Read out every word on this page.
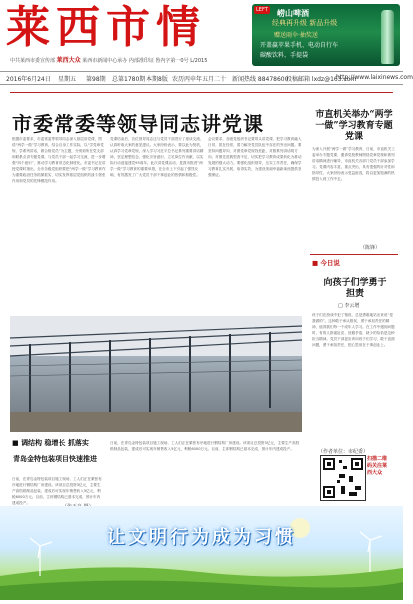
莱西市情
中共莱西市委宣传部 莱西大众 莱西市新闻中心承办 内部准印证 鲁内字第一0号 L/2015
LEFT 崂山啤酒
经典再升级 新品升级
赠送雨伞·抽奖送
开盖赢苹果手机、电动自行车
碳酸饮料、手提袋
2016年6月24日 星期五 第98期 总第1780期 本期8版 农历丙申年五月二十 新闻热线 88478600
投稿邮箱 lxdz@163.com
http://www.laixinews.com
市委常委等领导同志讲党课
根据市委要求，市委常委等领导同志深入基层讲党课，围绕“两学一做”学习教育，结合自身工作实际，以“学党章党规、学系列讲话，做合格党员”为主题，分别到所在党支部和联系点讲专题党课，与党员干部一起学习交流，进一步增强“四个意识”，推动学习教育常态化制度化。市委书记在讲授党课时指出，全市各级党组织要把“两学一做”学习教育作为重要政治任务抓紧抓实，切实发挥基层党组织的战斗堡垒作用和党员的先锋模范作用。
党课结束后，各位领导同志还与党员干部进行了座谈交流，认真听取大家的意见建议。大家纷纷表示，要以此为契机，认真学习党章党规，深入学习习近平总书记系列重要讲话精神，坚定理想信念，强化宗旨意识，立足岗位作贡献，以实际行动迎接建党95周年。此次讲党课活动，是我市推进“两学一做”学习教育的重要举措，在全市上下引起了强烈反响，有效激发了广大党员干部干事创业的热情和积极性。
会议要求，各级党组织书记要带头讲党课，把学习教育融入日常、抓在经常，着力解决党员队伍中存在的突出问题。要坚持问题导向，对照党章党规找差距，对照系列讲话明方向，对照先进典型查不足，切实把学习教育成果转化为推动发展的强大动力。要强化组织领导，压实工作责任，确保学习教育扎实开展、取得实效，为建设美丽幸福新莱西提供坚强保证。
市直机关举办“两学一做”学习教育专题党课
为深入开展“两学一做”学习教育，日前，市直机关工委举办专题党课，邀请党校教师围绕党章党规和系列讲话精神进行辅导，市直机关各部门党员干部参加学习。党课内容丰富，重点突出，具有很强的针对性和指导性，大家纷纷表示受益匪浅，将以更加饱满的热情投入到工作中去。
（陈锋）
■ 今日说
向孩子们学勇于担责
□ 李云增
孩子们在游戏中犯了错误，总是勇敢地站出来说“是我做的”。这种敢于承认错误、勇于承担责任的精神，值得我们每一个成年人学习。在工作中遇到问题时，有的人推诿扯皮、回避矛盾，缺少的恰恰是这种担当精神。党员干部更应该向孩子们学习，敢于直面问题，勇于承担责任，把心思用在干事创业上。
（作者单位：市纪委）
■ 调结构 稳增长 抓落实
青岛金特包装项目快速推进
日前，在青岛金特包装项目施工现场，工人们正在紧张有序地进行钢结构厂房建设。该项目总投资3亿元，主要生产高档纸制品包装，建成后可实现年销售收入5亿元，利税6000万元。目前，主体钢结构已基本完成，预计年内建成投产。
日前，在青岛金特包装项目施工现场，工人们正在紧张有序地进行钢结构厂房建设。该项目总投资3亿元，主要生产高档纸制品包装，建成后可实现年销售收入5亿元，利税6000万元。目前，主体钢结构已基本完成，预计年内建成投产。
扫描二维码关注莱西大众
让文明行为成为习惯
